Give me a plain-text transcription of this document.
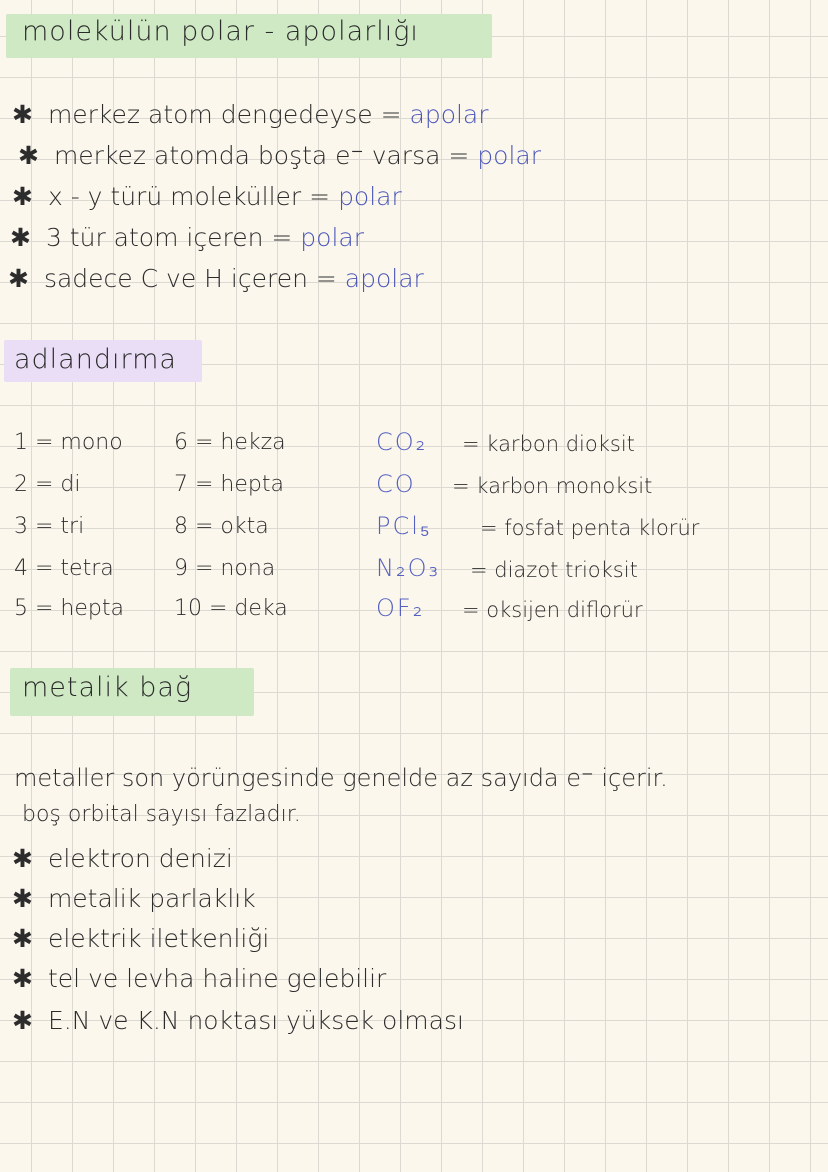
molekülün polar - apolarlığı
✱ merkez atom dengedeyse = apolar
✱ merkez atomda boşta e⁻ varsa = polar
✱ x - y türü moleküller = polar
✱ 3 tür atom içeren = polar
✱ sadece C ve H içeren = apolar
adlandırma
1 = mono
2 = di
3 = tri
4 = tetra
5 = hepta
6 = hekza
7 = hepta
8 = okta
9 = nona
10 = deka
CO₂ = karbon dioksit
CO = karbon monoksit
PCl₅ = fosfat penta klorür
N₂O₃ = diazot trioksit
OF₂ = oksijen diflorür
metalik bağ
metaller son yörüngesinde genelde az sayıda e⁻ içerir.
boş orbital sayısı fazladır.
✱ elektron denizi
✱ metalik parlaklık
✱ elektrik iletkenliği
✱ tel ve levha haline gelebilir
✱ E.N ve K.N noktası yüksek olması
